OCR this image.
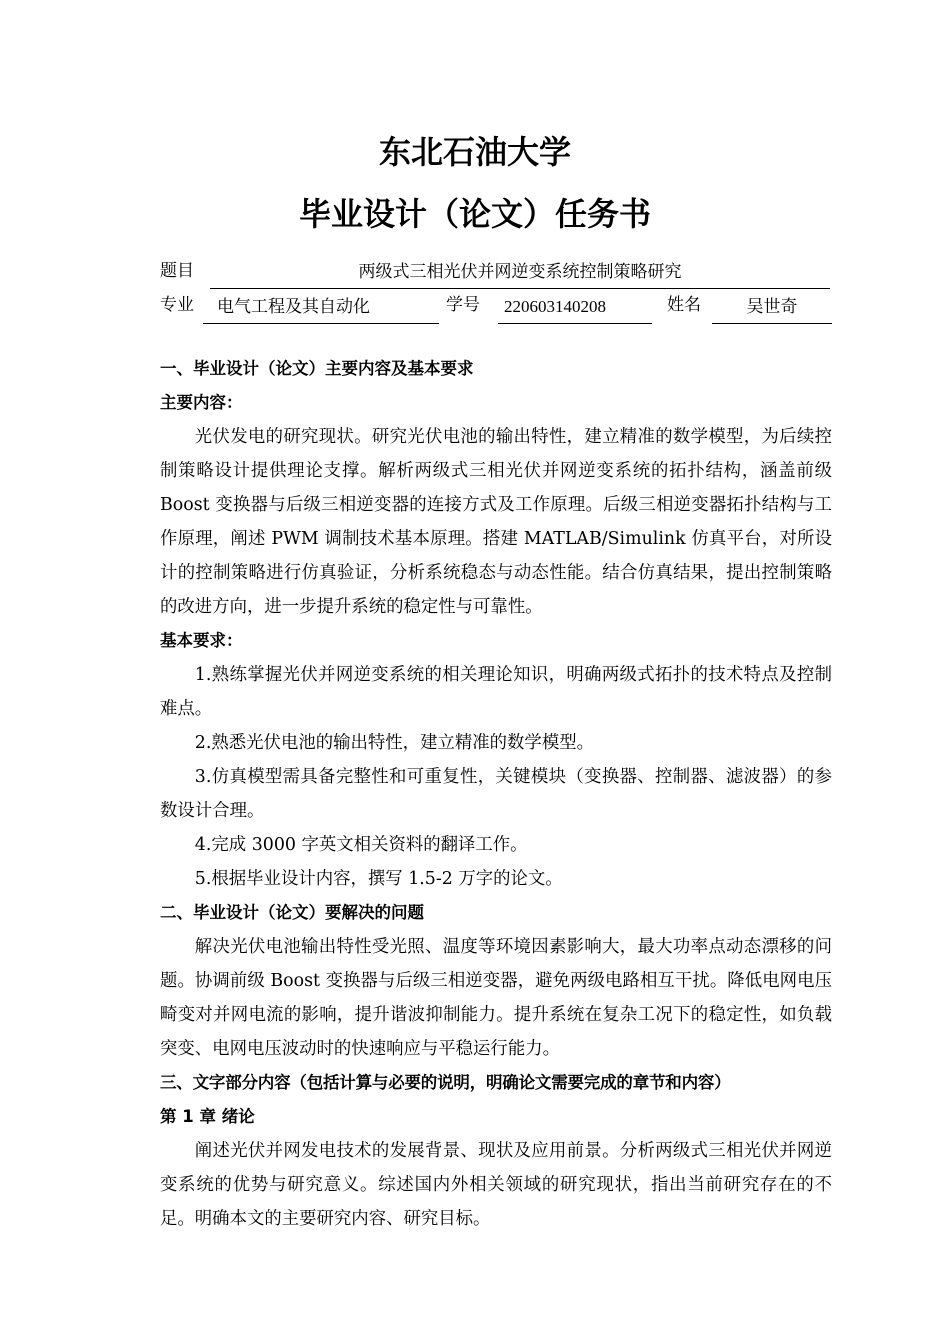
东北石油大学
毕业设计（论文）任务书
题目	两级式三相光伏并网逆变系统控制策略研究
专业	电气工程及其自动化	学号	220603140208	姓名	吴世奇

一、毕业设计（论文）主要内容及基本要求

主要内容：

光伏发电的研究现状。研究光伏电池的输出特性，建立精准的数学模型，为后续控制策略设计提供理论支撑。解析两级式三相光伏并网逆变系统的拓扑结构，涵盖前级 Boost 变换器与后级三相逆变器的连接方式及工作原理。后级三相逆变器拓扑结构与工作原理，阐述 PWM 调制技术基本原理。搭建 MATLAB/Simulink 仿真平台，对所设计的控制策略进行仿真验证，分析系统稳态与动态性能。结合仿真结果，提出控制策略的改进方向，进一步提升系统的稳定性与可靠性。

基本要求：

1.熟练掌握光伏并网逆变系统的相关理论知识，明确两级式拓扑的技术特点及控制难点。

2.熟悉光伏电池的输出特性，建立精准的数学模型。

3.仿真模型需具备完整性和可重复性，关键模块（变换器、控制器、滤波器）的参数设计合理。

4.完成 3000 字英文相关资料的翻译工作。

5.根据毕业设计内容，撰写 1.5-2 万字的论文。

二、毕业设计（论文）要解决的问题

解决光伏电池输出特性受光照、温度等环境因素影响大，最大功率点动态漂移的问题。协调前级 Boost 变换器与后级三相逆变器，避免两级电路相互干扰。降低电网电压畸变对并网电流的影响，提升谐波抑制能力。提升系统在复杂工况下的稳定性，如负载突变、电网电压波动时的快速响应与平稳运行能力。

三、文字部分内容（包括计算与必要的说明，明确论文需要完成的章节和内容）

第 1 章 绪论

阐述光伏并网发电技术的发展背景、现状及应用前景。分析两级式三相光伏并网逆变系统的优势与研究意义。综述国内外相关领域的研究现状，指出当前研究存在的不足。明确本文的主要研究内容、研究目标。
